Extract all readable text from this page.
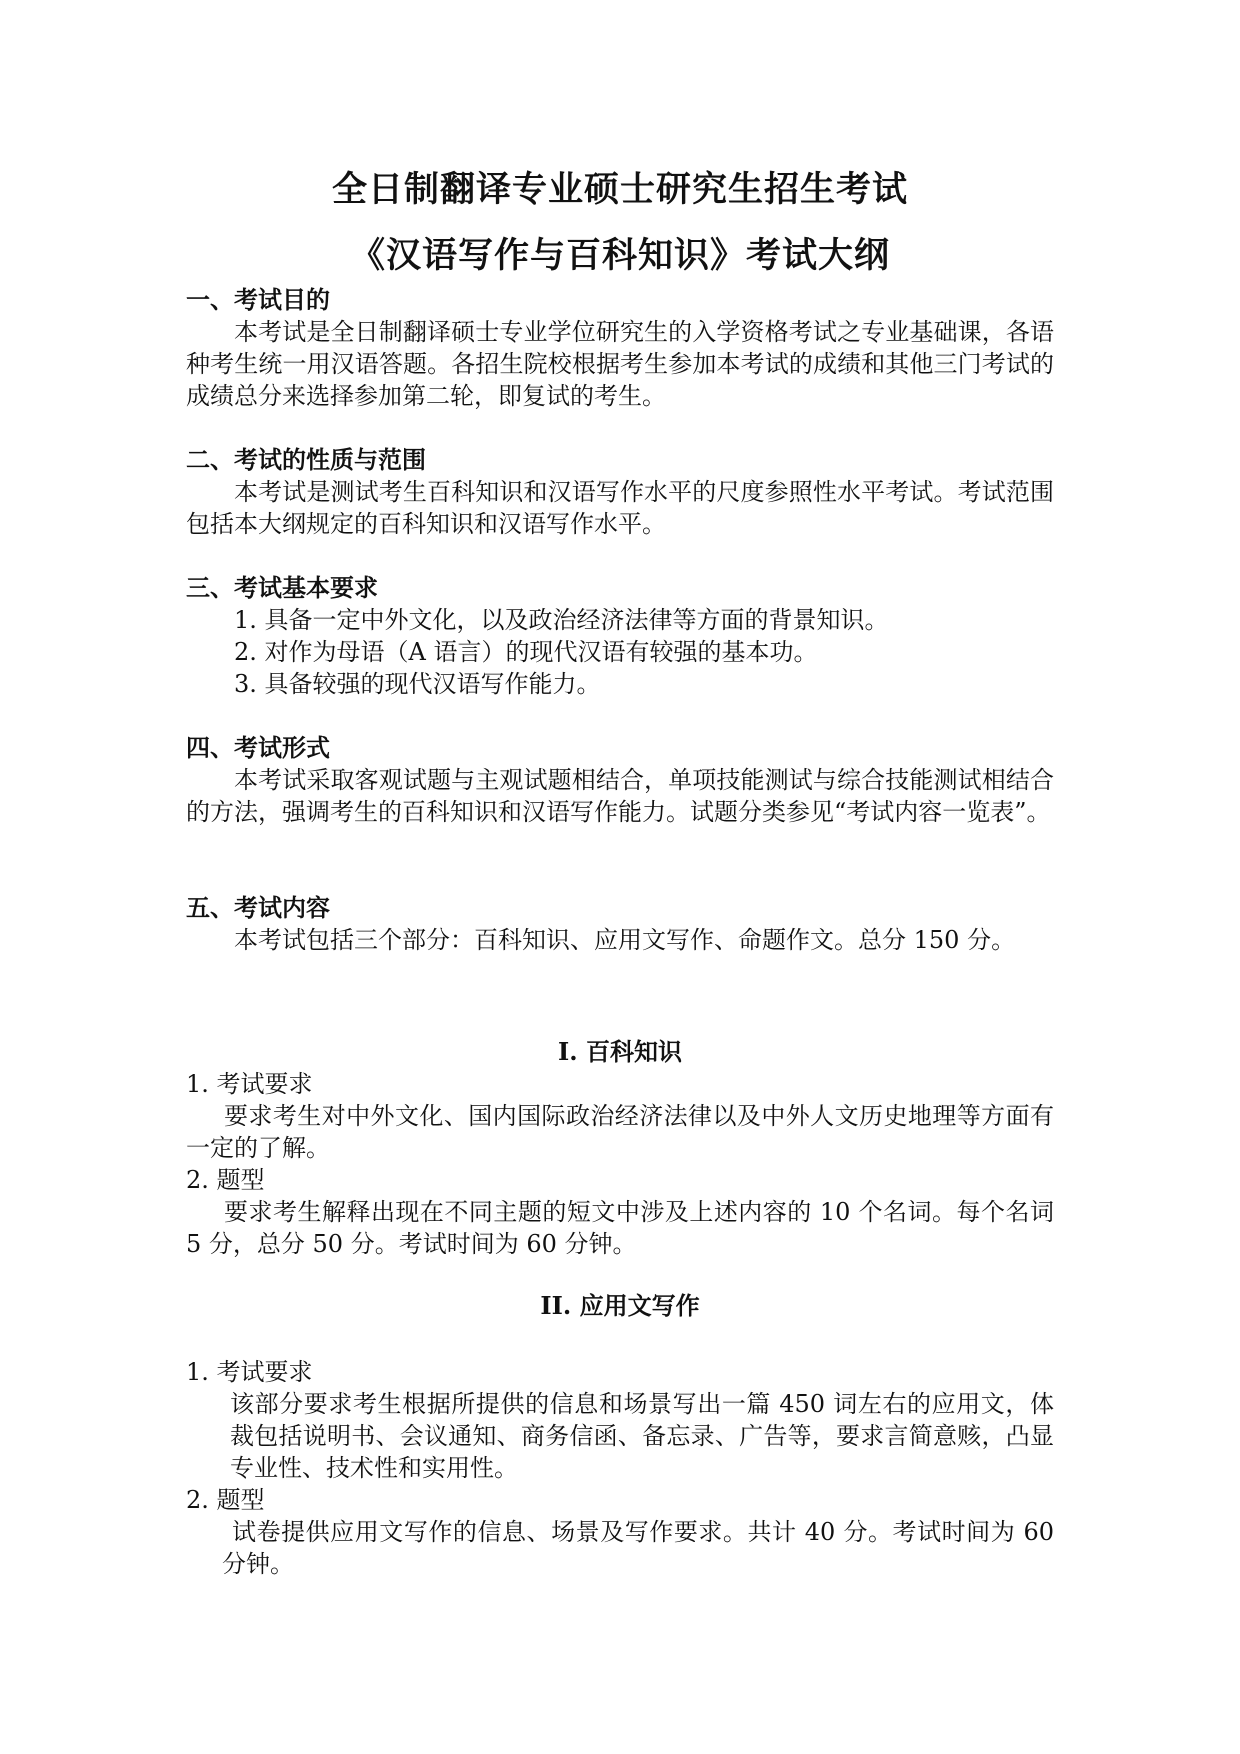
全日制翻译专业硕士研究生招生考试
《汉语写作与百科知识》考试大纲
一、考试目的
本考试是全日制翻译硕士专业学位研究生的入学资格考试之专业基础课，各语种考生统一用汉语答题。各招生院校根据考生参加本考试的成绩和其他三门考试的成绩总分来选择参加第二轮，即复试的考生。
二、考试的性质与范围
本考试是测试考生百科知识和汉语写作水平的尺度参照性水平考试。考试范围包括本大纲规定的百科知识和汉语写作水平。
三、考试基本要求
1. 具备一定中外文化，以及政治经济法律等方面的背景知识。
2. 对作为母语（A 语言）的现代汉语有较强的基本功。
3. 具备较强的现代汉语写作能力。
四、考试形式
本考试采取客观试题与主观试题相结合，单项技能测试与综合技能测试相结合的方法，强调考生的百科知识和汉语写作能力。试题分类参见“考试内容一览表”。
五、考试内容
本考试包括三个部分：百科知识、应用文写作、命题作文。总分 150 分。
I. 百科知识
1. 考试要求
要求考生对中外文化、国内国际政治经济法律以及中外人文历史地理等方面有一定的了解。
2. 题型
要求考生解释出现在不同主题的短文中涉及上述内容的 10 个名词。每个名词 5 分，总分 50 分。考试时间为 60 分钟。
II. 应用文写作
1. 考试要求
该部分要求考生根据所提供的信息和场景写出一篇 450 词左右的应用文，体裁包括说明书、会议通知、商务信函、备忘录、广告等，要求言简意赅，凸显专业性、技术性和实用性。
2. 题型
试卷提供应用文写作的信息、场景及写作要求。共计 40 分。考试时间为 60 分钟。
